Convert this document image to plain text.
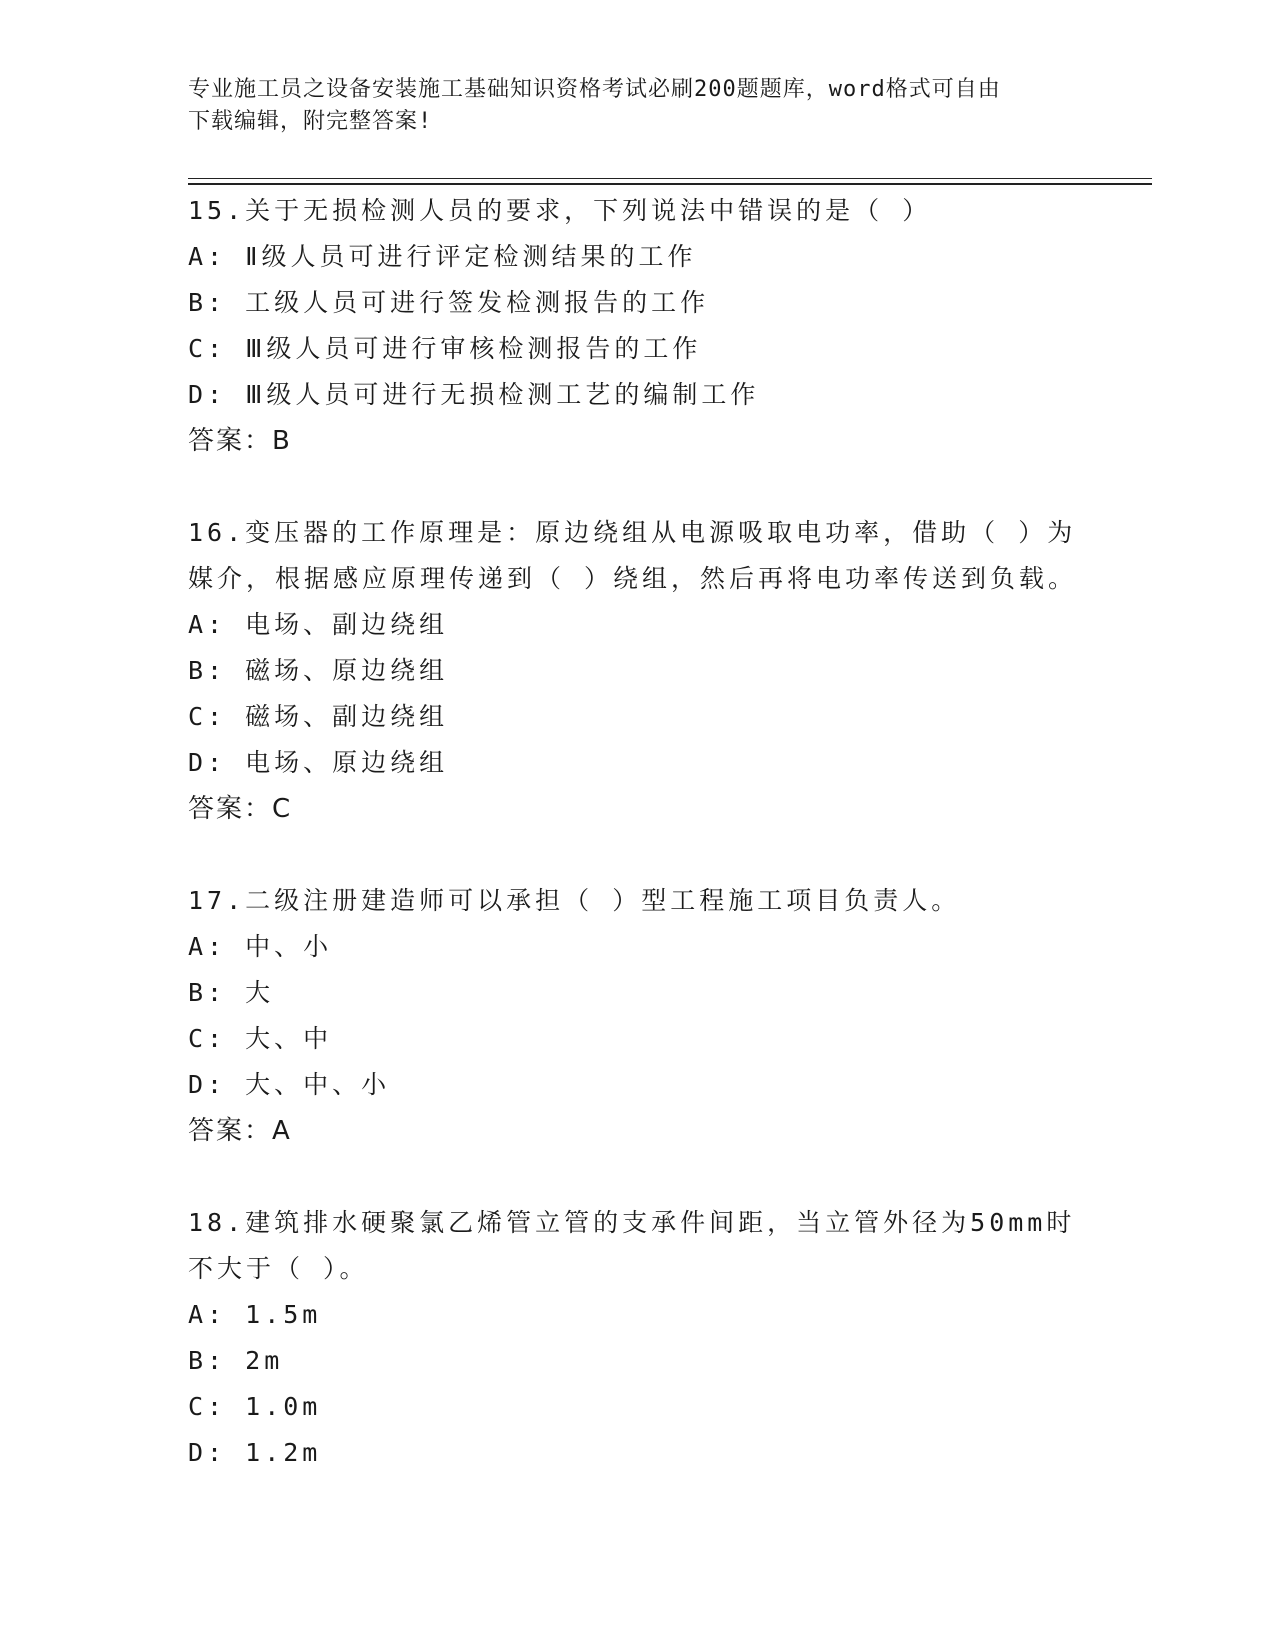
专业施工员之设备安装施工基础知识资格考试必刷200题题库，word格式可自由
下载编辑，附完整答案!
15.关于无损检测人员的要求，下列说法中错误的是（ ）
A: Ⅱ级人员可进行评定检测结果的工作
B: 工级人员可进行签发检测报告的工作
C: Ⅲ级人员可进行审核检测报告的工作
D: Ⅲ级人员可进行无损检测工艺的编制工作
答案：B
16.变压器的工作原理是：原边绕组从电源吸取电功率，借助（ ）为
媒介，根据感应原理传递到（ ）绕组，然后再将电功率传送到负载。
A: 电场、副边绕组
B: 磁场、原边绕组
C: 磁场、副边绕组
D: 电场、原边绕组
答案：C
17.二级注册建造师可以承担（ ）型工程施工项目负责人。
A: 中、小
B: 大
C: 大、中
D: 大、中、小
答案：A
18.建筑排水硬聚氯乙烯管立管的支承件间距，当立管外径为50mm时
不大于（ ）。
A: 1.5m
B: 2m
C: 1.0m
D: 1.2m
